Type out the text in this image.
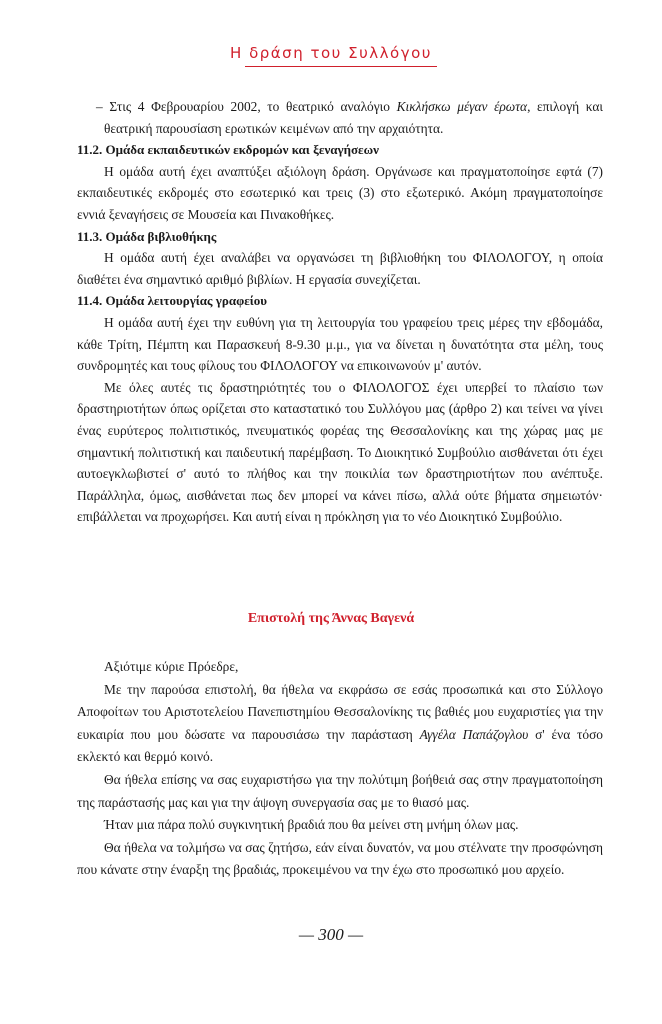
Η δράση του Συλλόγου

– Στις 4 Φεβρουαρίου 2002, το θεατρικό αναλόγιο Κικλήσκω μέγαν έρωτα, επιλογή και θεατρική παρουσίαση ερωτικών κειμένων από την αρχαιότητα.

11.2. Ομάδα εκπαιδευτικών εκδρομών και ξεναγήσεων

Η ομάδα αυτή έχει αναπτύξει αξιόλογη δράση. Οργάνωσε και πραγματοποίησε εφτά (7) εκπαιδευτικές εκδρομές στο εσωτερικό και τρεις (3) στο εξωτερικό. Ακόμη πραγματοποίησε εννιά ξεναγήσεις σε Μουσεία και Πινακοθήκες.

11.3. Ομάδα βιβλιοθήκης

Η ομάδα αυτή έχει αναλάβει να οργανώσει τη βιβλιοθήκη του ΦΙΛΟΛΟΓΟΥ, η οποία διαθέτει ένα σημαντικό αριθμό βιβλίων. Η εργασία συνεχίζεται.

11.4. Ομάδα λειτουργίας γραφείου

Η ομάδα αυτή έχει την ευθύνη για τη λειτουργία του γραφείου τρεις μέρες την εβδομάδα, κάθε Τρίτη, Πέμπτη και Παρασκευή 8-9.30 μ.μ., για να δίνεται η δυνατότητα στα μέλη, τους συνδρομητές και τους φίλους του ΦΙΛΟΛΟΓΟΥ να επικοινωνούν μ' αυτόν.

Με όλες αυτές τις δραστηριότητές του ο ΦΙΛΟΛΟΓΟΣ έχει υπερβεί το πλαίσιο των δραστηριοτήτων όπως ορίζεται στο καταστατικό του Συλλόγου μας (άρθρο 2) και τείνει να γίνει ένας ευρύτερος πολιτιστικός, πνευματικός φορέας της Θεσσαλονίκης και της χώρας μας με σημαντική πολιτιστική και παιδευτική παρέμβαση. Το Διοικητικό Συμβούλιο αισθάνεται ότι έχει αυτοεγκλωβιστεί σ' αυτό το πλήθος και την ποικιλία των δραστηριοτήτων που ανέπτυξε. Παράλληλα, όμως, αισθάνεται πως δεν μπορεί να κάνει πίσω, αλλά ούτε βήματα σημειωτόν· επιβάλλεται να προχωρήσει. Και αυτή είναι η πρόκληση για το νέο Διοικητικό Συμβούλιο.

Επιστολή της Άννας Βαγενά

Αξιότιμε κύριε Πρόεδρε,

Με την παρούσα επιστολή, θα ήθελα να εκφράσω σε εσάς προσωπικά και στο Σύλλογο Αποφοίτων του Αριστοτελείου Πανεπιστημίου Θεσσαλονίκης τις βαθιές μου ευχαριστίες για την ευκαιρία που μου δώσατε να παρουσιάσω την παράσταση Αγγέλα Παπάζογλου σ' ένα τόσο εκλεκτό και θερμό κοινό.

Θα ήθελα επίσης να σας ευχαριστήσω για την πολύτιμη βοήθειά σας στην πραγματοποίηση της παράστασής μας και για την άψογη συνεργασία σας με το θιασό μας.

Ήταν μια πάρα πολύ συγκινητική βραδιά που θα μείνει στη μνήμη όλων μας.

Θα ήθελα να τολμήσω να σας ζητήσω, εάν είναι δυνατόν, να μου στέλνατε την προσφώνηση που κάνατε στην έναρξη της βραδιάς, προκειμένου να την έχω στο προσωπικό μου αρχείο.

— 300 —
